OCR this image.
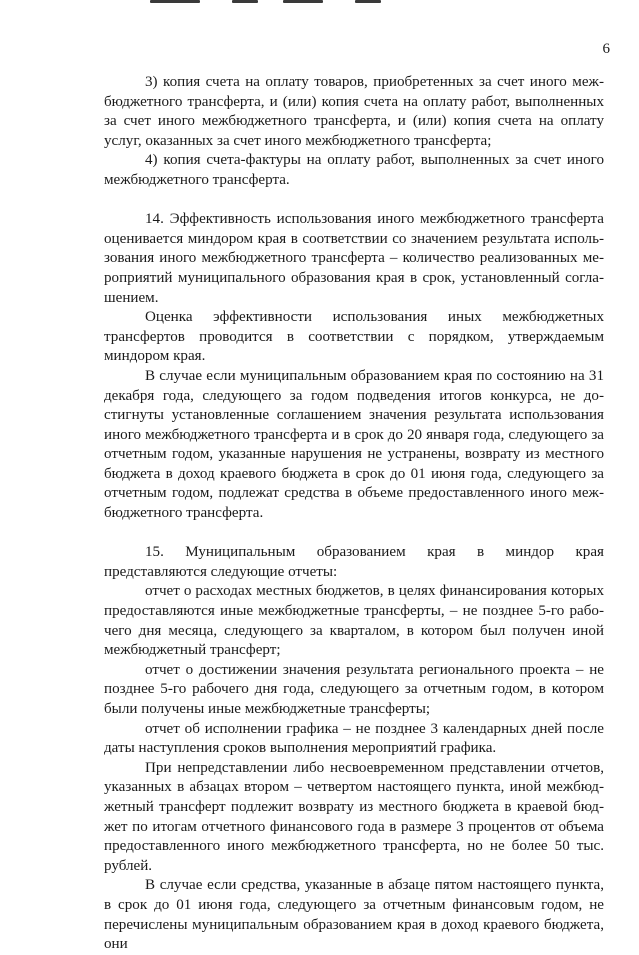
6

3) копия счета на оплату товаров, приобретенных за счет иного межбюджетного трансферта, и (или) копия счета на оплату работ, выполненных за счет иного межбюджетного трансферта, и (или) копия счета на оплату услуг, оказанных за счет иного межбюджетного трансферта;

4) копия счета-фактуры на оплату работ, выполненных за счет иного межбюджетного трансферта.

14. Эффективность использования иного межбюджетного трансферта оценивается миндором края в соответствии со значением результата использования иного межбюджетного трансферта – количество реализованных мероприятий муниципального образования края в срок, установленный соглашением.

Оценка эффективности использования иных межбюджетных трансфертов проводится в соответствии с порядком, утверждаемым миндором края.

В случае если муниципальным образованием края по состоянию на 31 декабря года, следующего за годом подведения итогов конкурса, не достигнуты установленные соглашением значения результата использования иного межбюджетного трансферта и в срок до 20 января года, следующего за отчетным годом, указанные нарушения не устранены, возврату из местного бюджета в доход краевого бюджета в срок до 01 июня года, следующего за отчетным годом, подлежат средства в объеме предоставленного иного межбюджетного трансферта.

15. Муниципальным образованием края в миндор края представляются следующие отчеты:

отчет о расходах местных бюджетов, в целях финансирования которых предоставляются иные межбюджетные трансферты, – не позднее 5-го рабочего дня месяца, следующего за кварталом, в котором был получен иной межбюджетный трансферт;

отчет о достижении значения результата регионального проекта – не позднее 5-го рабочего дня года, следующего за отчетным годом, в котором были получены иные межбюджетные трансферты;

отчет об исполнении графика – не позднее 3 календарных дней после даты наступления сроков выполнения мероприятий графика.

При непредставлении либо несвоевременном представлении отчетов, указанных в абзацах втором – четвертом настоящего пункта, иной межбюджетный трансферт подлежит возврату из местного бюджета в краевой бюджет по итогам отчетного финансового года в размере 3 процентов от объема предоставленного иного межбюджетного трансферта, но не более 50 тыс. рублей.

В случае если средства, указанные в абзаце пятом настоящего пункта, в срок до 01 июня года, следующего за отчетным финансовым годом, не перечислены муниципальным образованием края в доход краевого бюджета, они
